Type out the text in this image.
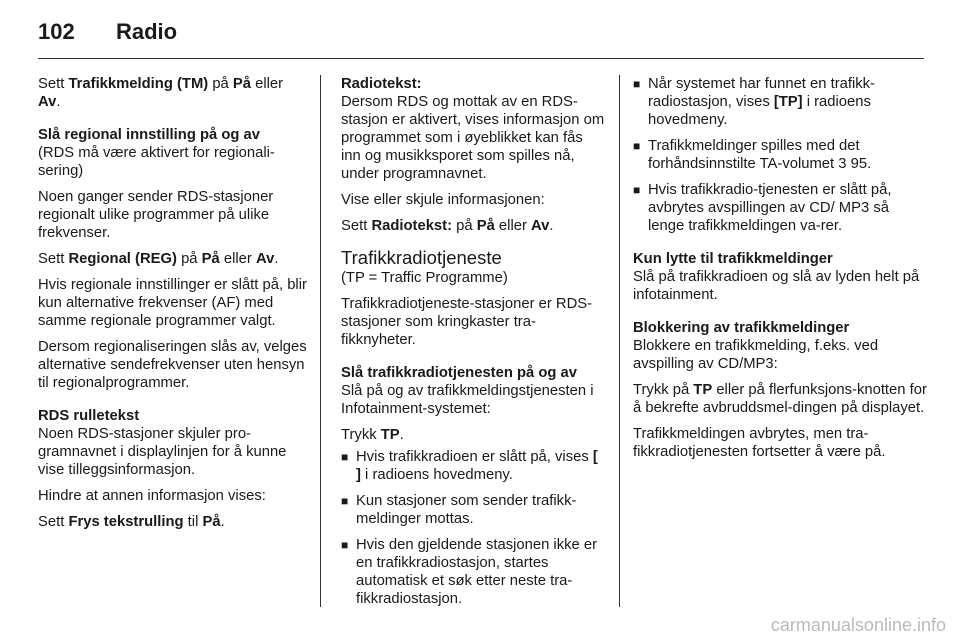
102	Radio

Sett Trafikkmelding (TM) på På eller
Av.

Slå regional innstilling på og av

(RDS må være aktivert for regionali-sering)

Noen ganger sender RDS-stasjoner regionalt ulike programmer på ulike frekvenser.

Sett Regional (REG) på På eller Av.

Hvis regionale innstillinger er slått på, blir kun alternative frekvenser (AF) med samme regionale programmer valgt.

Dersom regionaliseringen slås av, velges alternative sendefrekvenser uten hensyn til regionalprogrammer.

RDS rulletekst

Noen RDS-stasjoner skjuler pro-gramnavnet i displaylinjen for å kunne vise tilleggsinformasjon.

Hindre at annen informasjon vises:

Sett Frys tekstrulling til På.

Radiotekst:

Dersom RDS og mottak av en RDS-stasjon er aktivert, vises informasjon om programmet som i øyeblikket kan fås inn og musikksporet som spilles nå, under programnavnet.

Vise eller skjule informasjonen:

Sett Radiotekst: på På eller Av.

Trafikkradiotjeneste

(TP = Traffic Programme)

Trafikkradiotjeneste-stasjoner er RDS-stasjoner som kringkaster tra-fikknyheter.

Slå trafikkradiotjenesten på og av

Slå på og av trafikkmeldingstjenesten i Infotainment-systemet:

Trykk TP.

■ Hvis trafikkradioen er slått på, vises [ ] i radioens hovedmeny.
■ Kun stasjoner som sender trafikk-meldinger mottas.
■ Hvis den gjeldende stasjonen ikke er en trafikkradiostasjon, startes automatisk et søk etter neste tra-fikkradiostasjon.
■ Når systemet har funnet en trafikk-radiostasjon, vises [TP] i radioens hovedmeny.
■ Trafikkmeldinger spilles med det forhåndsinnstilte TA-volumet 3 95.
■ Hvis trafikkradio-tjenesten er slått på, avbrytes avspillingen av CD/ MP3 så lenge trafikkmeldingen va-rer.

Kun lytte til trafikkmeldinger

Slå på trafikkradioen og slå av lyden helt på infotainment.

Blokkering av trafikkmeldinger

Blokkere en trafikkmelding, f.eks. ved avspilling av CD/MP3:

Trykk på TP eller på flerfunksjons-knotten for å bekrefte avbruddsmel-dingen på displayet.

Trafikkmeldingen avbrytes, men tra-fikkradiotjenesten fortsetter å være på.

carmanualsonline.info
